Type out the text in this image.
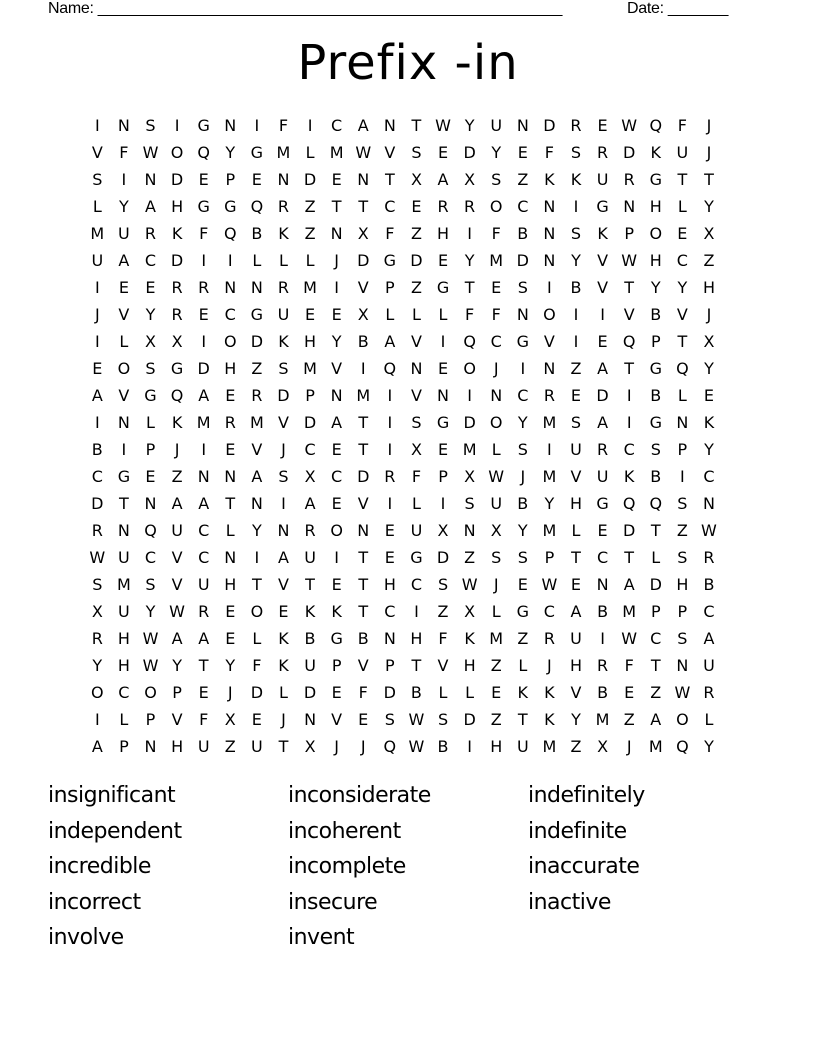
Name: ______________________________________________________	Date: _______
Prefix -in
I	N S	I	G N	I	F	I	C A N T W Y U N D R E W Q F	J
V	F W O Q Y G M L M W V	S	E D Y	E	F	S R D K U	J
S	I	N D E	P	E N D E N T	X A X	S	Z K	K U R G T	T
L	Y	A H G G Q R Z	T	T	C E R R O C N	I	G N H	L	Y
M U R K	F Q B K Z N X	F	Z H	I	F	B N S	K	P O E	X
U A C D	I	I	L	L	L	J	D G D E	Y M D N Y	V W H C Z
I	E	E R R N N R M	I	V	P	Z G T	E	S	I	B V	T	Y	Y H
J	V	Y	R E C G U E	E	X	L	L	L	F	F	N O	I	I	V B V	J
I	L	X X	I	O D K H Y	B A V	I	Q C G V	I	E Q P	T	X
E O S G D H Z	S M V	I	Q N E O	J	I	N Z A	T G Q Y
A V G Q A	E R D P N M	I	V N	I	N C R E D	I	B	L	E
I	N	L	K M R M V D A	T	I	S G D O Y M S	A	I	G N K
B	I	P	J	I	E	V	J	C E	T	I	X	E M L	S	I	U R C S	P	Y
C G E	Z N N A	S	X C D R	F	P	X W	J	M V U K B	I	C
D T N A A	T N	I	A	E	V	I	L	I	S U B	Y H G Q Q S N
R N Q U C	L	Y N R O N E U X N X	Y M L	E D T	Z W
W U C V C N	I	A U	I	T	E G D Z	S	S	P	T	C	T	L	S R
S M S	V U H T	V	T	E	T H C S W	J	E W E N A D H B
X U Y W R E O E	K	K	T	C	I	Z X	L G C A B M P	P	C
R H W A A	E	L	K B G B N H F	K M Z R U	I	W C S	A
Y H W Y	T	Y	F	K U P	V	P	T	V H Z	L	J	H R	F	T N U
O C O P	E	J	D L D E	F D B	L	L	E	K	K V B	E	Z W R
I	L	P	V	F	X	E	J	N V	E	S W S D Z	T	K	Y M Z A O L
A	P N H U Z U T	X	J	J	Q W B	I	H U M Z X	J	M Q Y
insignificant
independent
incredible
incorrect
involve
inconsiderate
incoherent
incomplete
insecure
invent
indefinitely
indefinite
inaccurate
inactive
